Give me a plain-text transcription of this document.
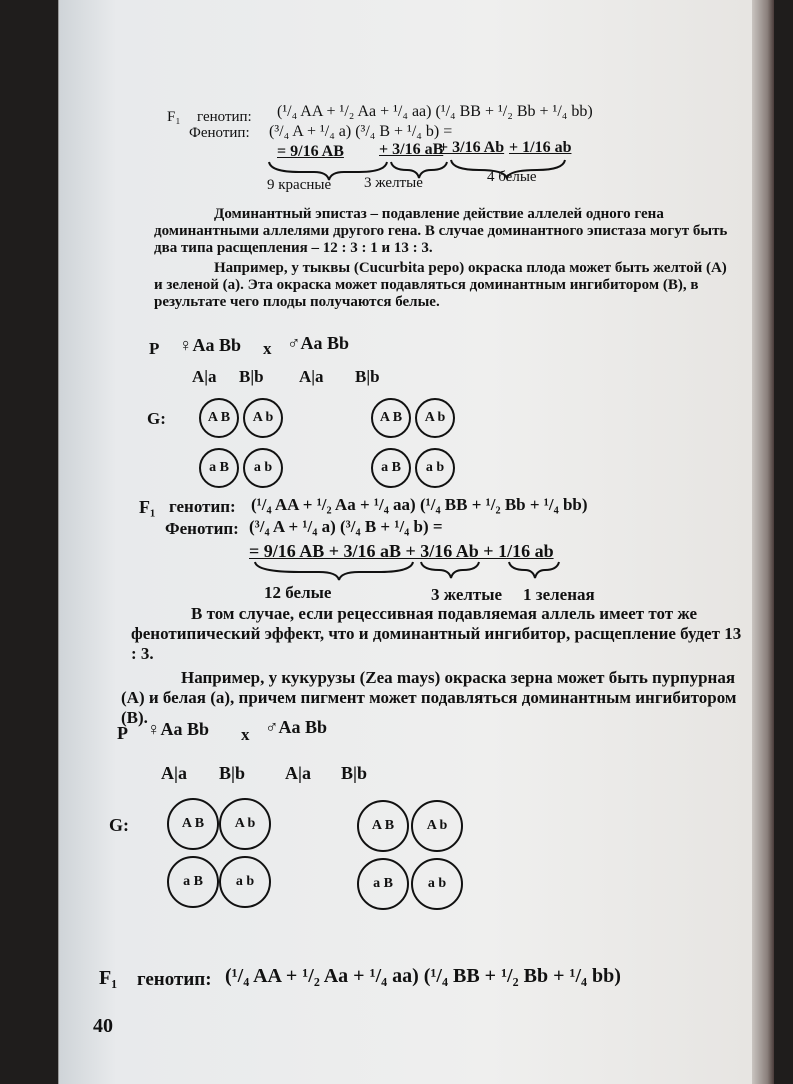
F₁ генотип: (¹/₄ AA + ¹/₂ Aa + ¹/₄ aa) (¹/₄ BB + ¹/₂ Bb + ¹/₄ bb)
Фенотип: (³/₄ A + ¹/₄ a) (³/₄ B + ¹/₄ b) =
= 9/16 AB + 3/16 aB
+ 3/16 Ab + 1/16 ab
9 красные 3 желтые	4 белые
Доминантный эпистаз – подавление действие аллелей одного гена доминантными аллелями другого гена. В случае доминантного эпистаза могут быть два типа расщепления – 12 : 3 : 1 и 13 : 3.
Например, у тыквы (Cucurbita pepo) окраска плода может быть желтой (А) и зеленой (а). Эта окраска может подавляться доминантным ингибитором (В), в результате чего плоды получаются белые.
P ♀Aa Bb x ♂Aa Bb
A|a B|b A|a B|b
G:	A B	A b
a B	a b
A B	A b
a B	a b
F₁ генотип: (¹/₄ AA + ¹/₂ Aa + ¹/₄ aa) (¹/₄ BB + ¹/₂ Bb + ¹/₄ bb)
Фенотип: (³/₄ A + ¹/₄ a) (³/₄ B + ¹/₄ b) =
= 9/16 AB + 3/16 aB + 3/16 Ab + 1/16 ab
12 белые	3 желтые 1 зеленая
В том случае, если рецессивная подавляемая аллель имеет тот же фенотипический эффект, что и доминантный ингибитор, расщепление будет 13 : 3.
Например, у кукурузы (Zea mays) окраска зерна может быть пурпурная (А) и белая (а), причем пигмент может подавляться доминантным ингибитором (В).
P ♀Aa Bb x ♂Aa Bb
A|a B|b A|a B|b
G:	A B	A b
a B	a b
A B	A b
a B	a b
F₁ генотип: (¹/₄ AA + ¹/₂ Aa + ¹/₄ aa) (¹/₄ BB + ¹/₂ Bb + ¹/₄ bb)
40
